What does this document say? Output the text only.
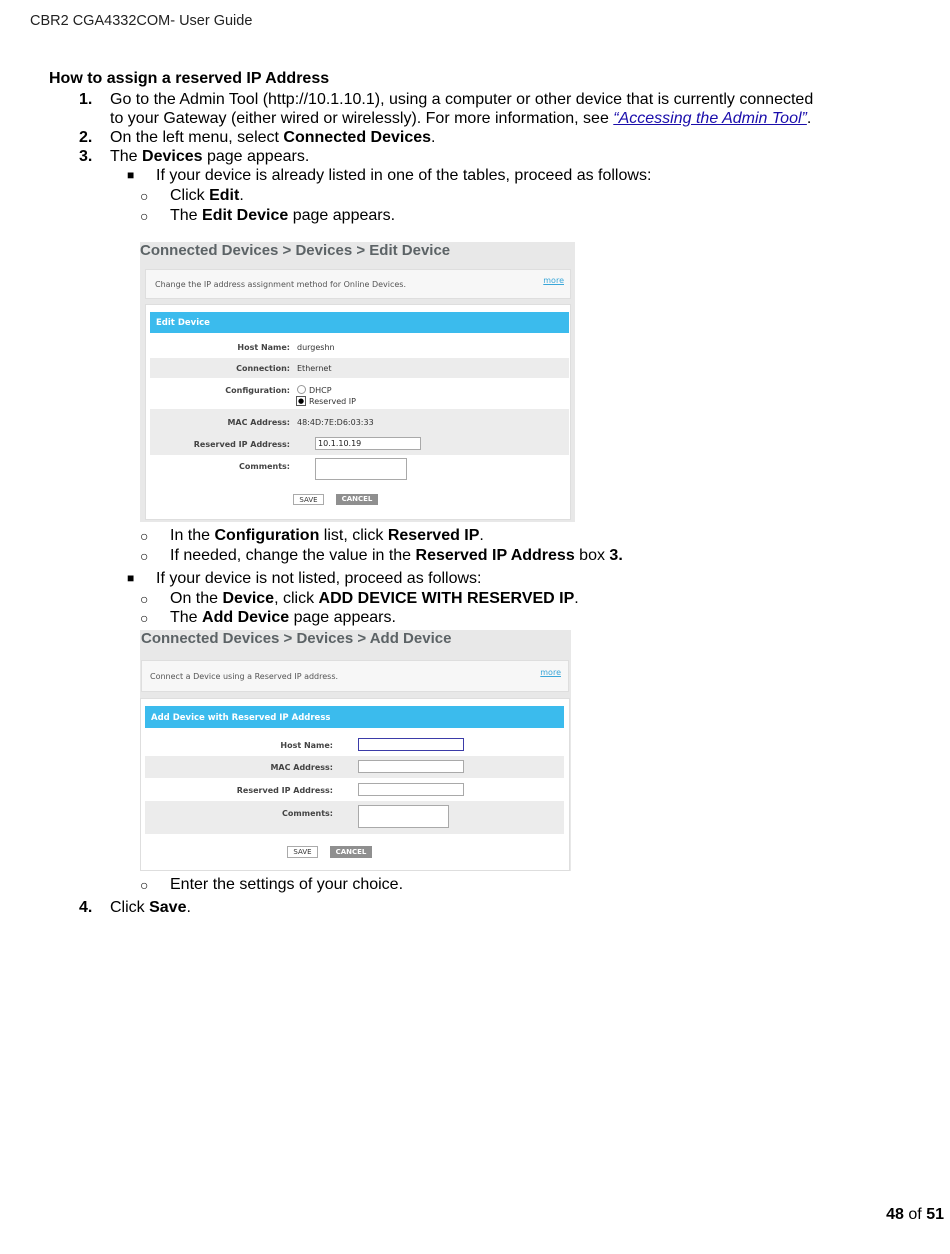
CBR2 CGA4332COM- User Guide
How to assign a reserved IP Address
1. Go to the Admin Tool (http://10.1.10.1), using a computer or other device that is currently connected
to your Gateway (either wired or wirelessly). For more information, see “Accessing the Admin Tool”.
2. On the left menu, select Connected Devices.
3. The Devices page appears.
■ If your device is already listed in one of the tables, proceed as follows:
○ Click Edit.
○ The Edit Device page appears.
Connected Devices > Devices > Edit Device
Change the IP address assignment method for Online Devices.	more
Edit Device
Host Name: durgeshn
Connection: Ethernet
Configuration: DHCP
● Reserved IP
MAC Address: 48:4D:7E:D6:03:33
Reserved IP Address:	10.1.10.19
Comments:
SAVE	CANCEL
○ In the Configuration list, click Reserved IP.
○ If needed, change the value in the Reserved IP Address box 3.
■ If your device is not listed, proceed as follows:
○ On the Device, click ADD DEVICE WITH RESERVED IP.
○ The Add Device page appears.
Connected Devices > Devices > Add Device
Connect a Device using a Reserved IP address.	more
Add Device with Reserved IP Address
Host Name:
MAC Address:
Reserved IP Address:
Comments:
SAVE	CANCEL
○ Enter the settings of your choice.
4. Click Save.
48 of 51
